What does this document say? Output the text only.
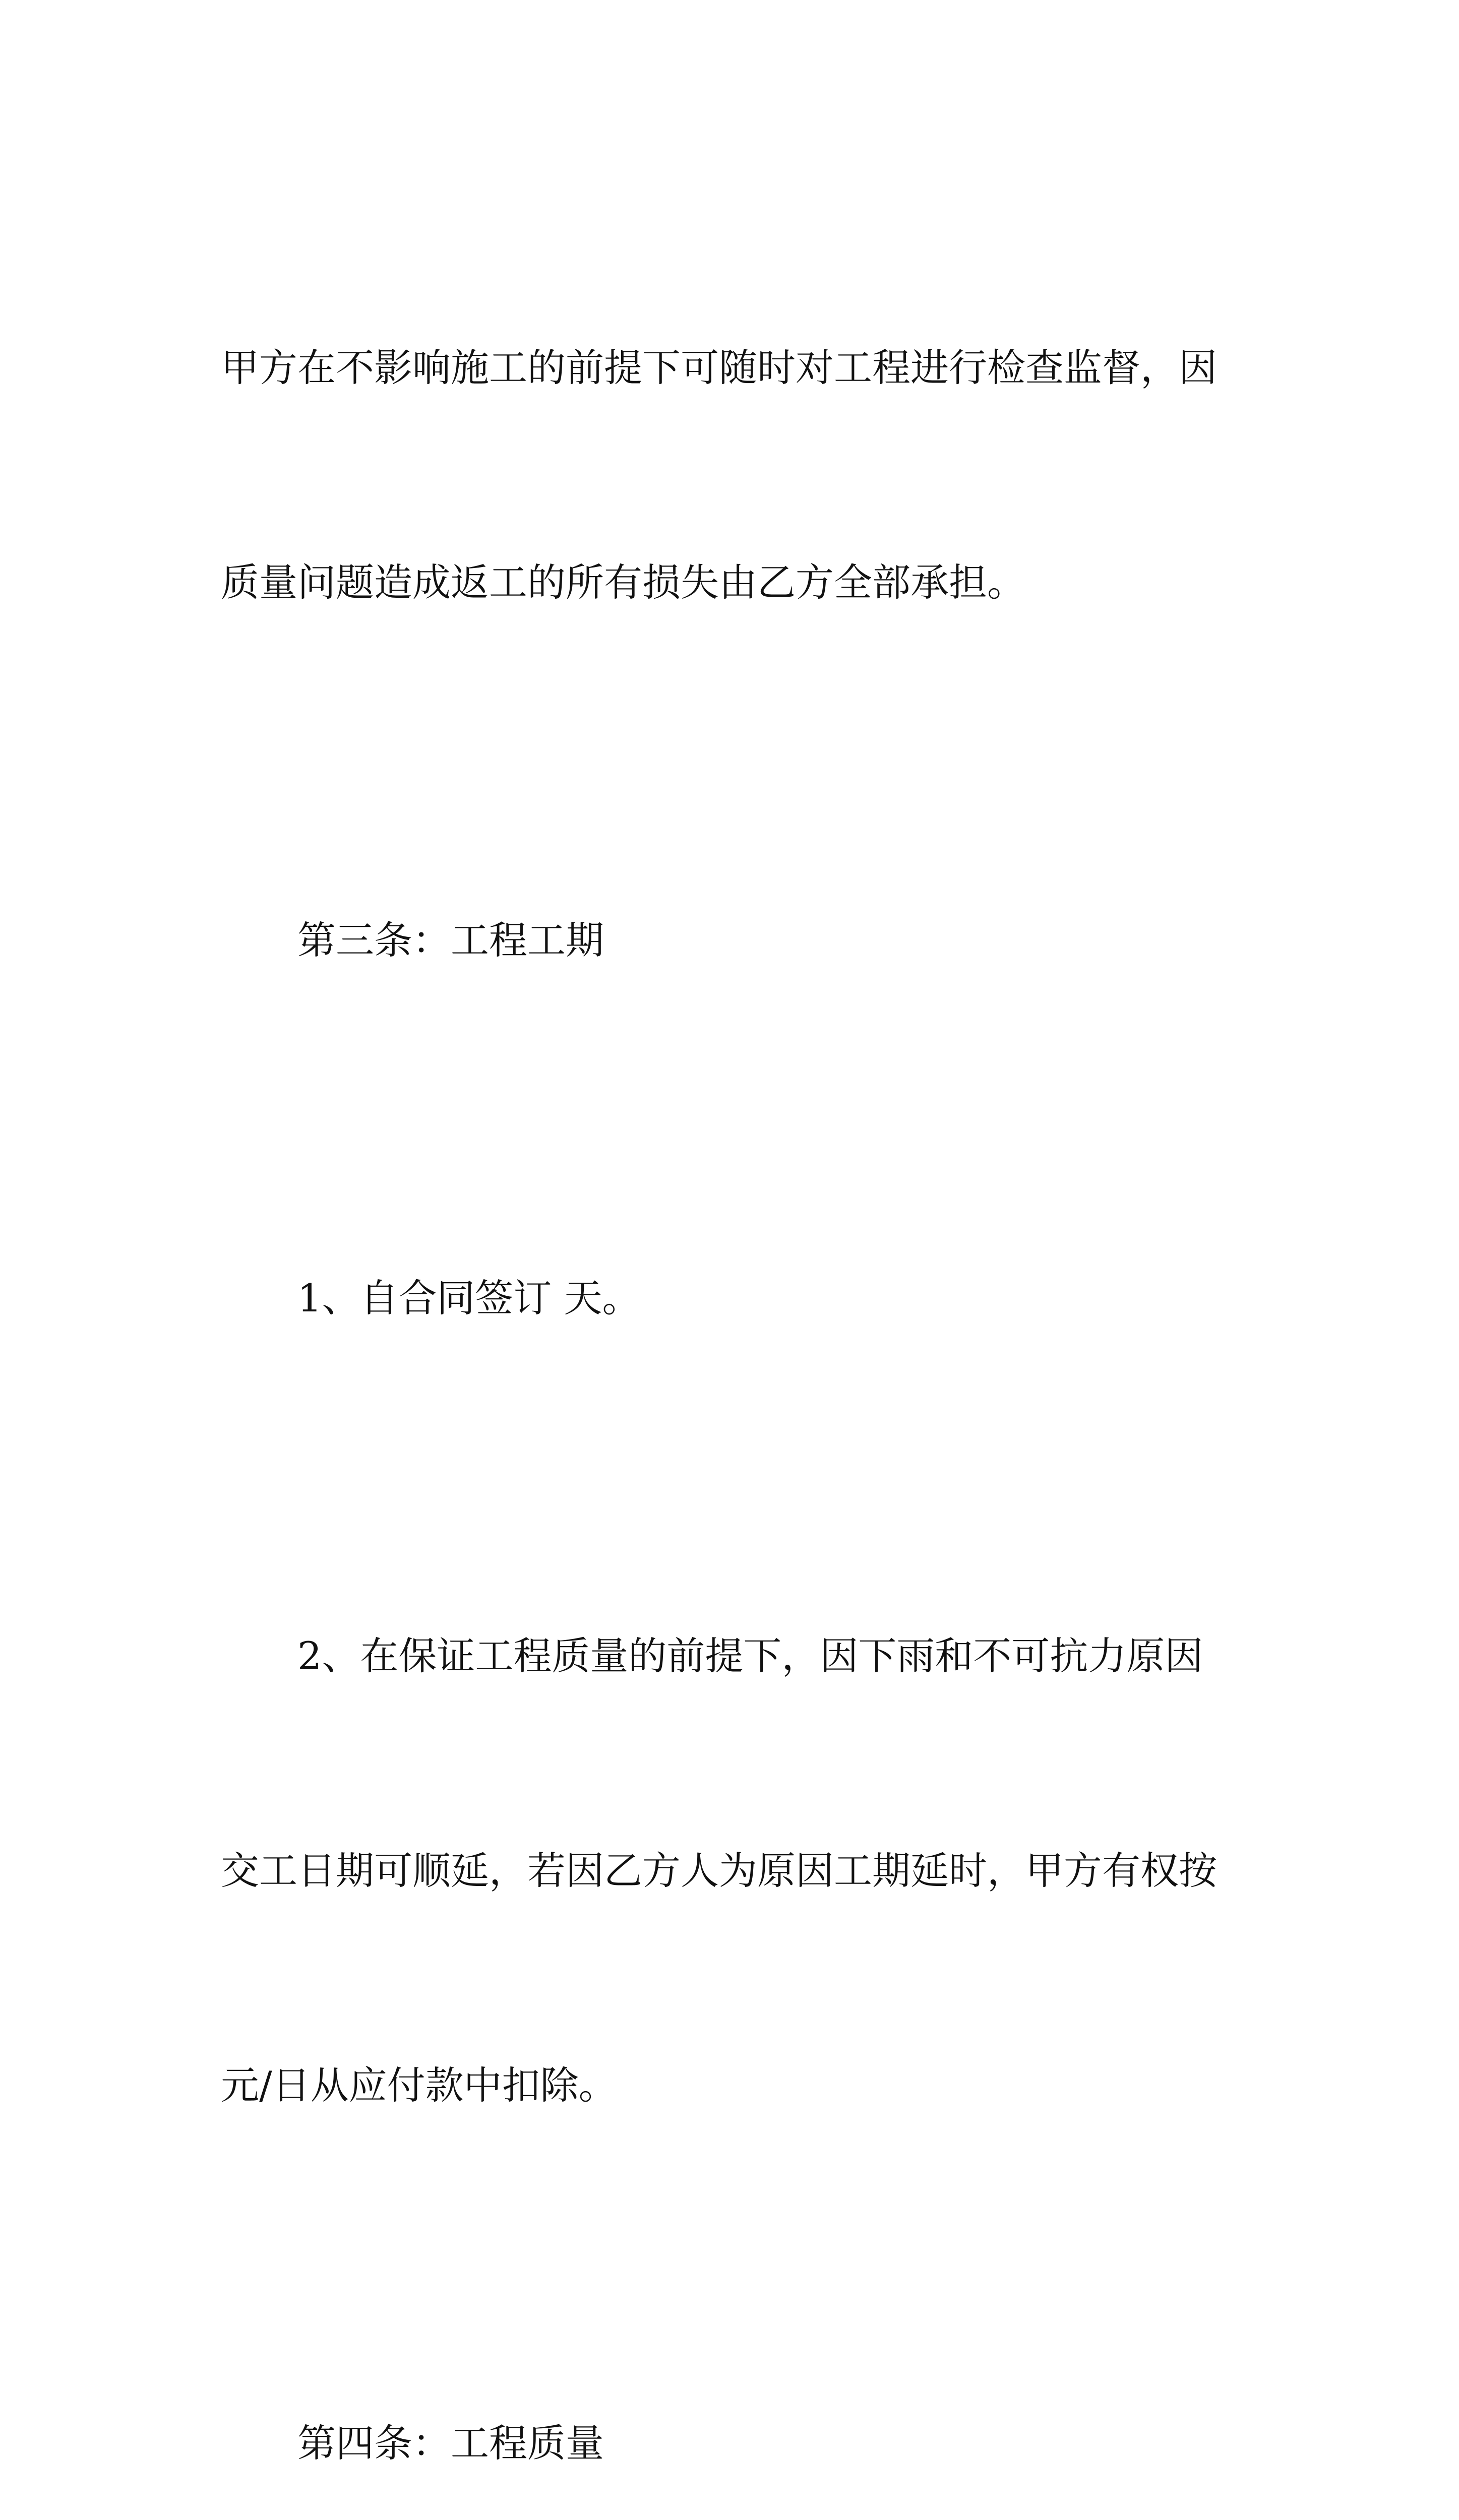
甲方在不影响施工的前提下可随时对工程进行检查监督，因

质量问题造成返工的所有损失由乙方全部承担。

第三条：工程工期

1、自合同签订 天。

2、在保证工程质量的前提下，因下雨和不可抗力原因

交工日期可顺延，若因乙方人为原因工期延时，甲方有权按

元/日从应付款中扣除。

第四条：工程质量
